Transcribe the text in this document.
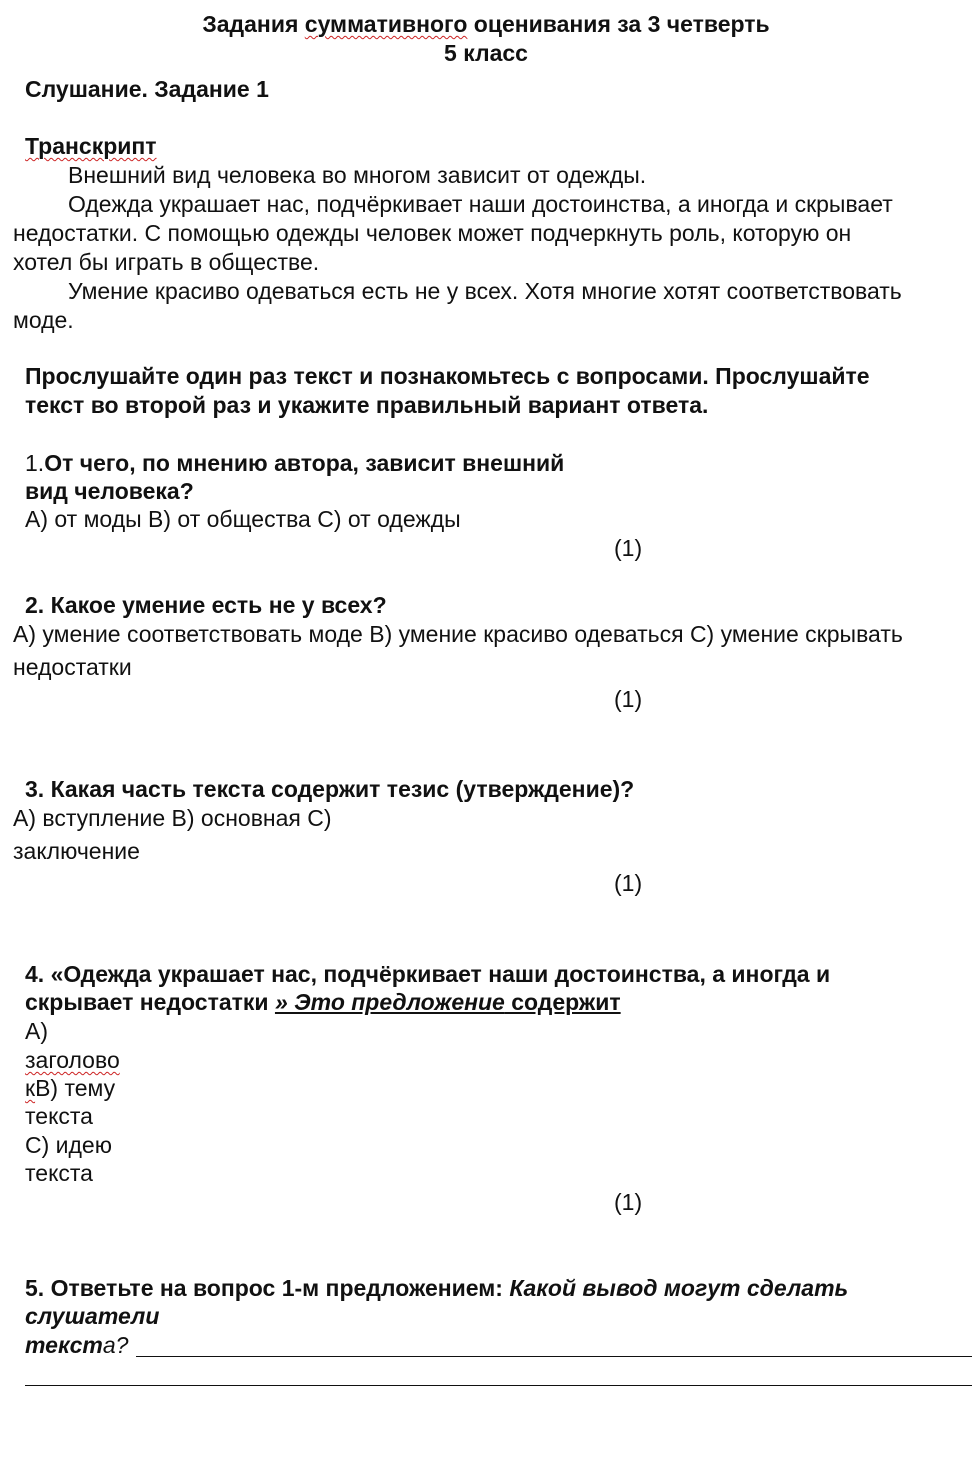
Задания суммативного оценивания за 3 четверть
5 класс
Слушание. Задание 1
Транскрипт
Внешний вид человека во многом зависит от одежды.
Одежда украшает нас, подчёркивает наши достоинства, а иногда и скрывает
недостатки. С помощью одежды человек может подчеркнуть роль, которую он
хотел бы играть в обществе.
Умение красиво одеваться есть не у всех. Хотя многие хотят соответствовать
моде.
Прослушайте один раз текст и познакомьтесь с вопросами. Прослушайте
текст во второй раз и укажите правильный вариант ответа.
1.От чего, по мнению автора, зависит внешний
вид человека?
А) от моды В) от общества С) от одежды
(1)
2. Какое умение есть не у всех?
А) умение соответствовать моде В) умение красиво одеваться С) умение скрывать
недостатки
(1)
3. Какая часть текста содержит тезис (утверждение)?
А) вступление В) основная С)
заключение
(1)
4. «Одежда украшает нас, подчёркивает наши достоинства, а иногда и
скрывает недостатки » Это предложение содержит
А)
заголово
кВ) тему
текста
С) идею
текста
(1)
5. Ответьте на вопрос 1-м предложением: Какой вывод могут сделать
слушатели
текста?
